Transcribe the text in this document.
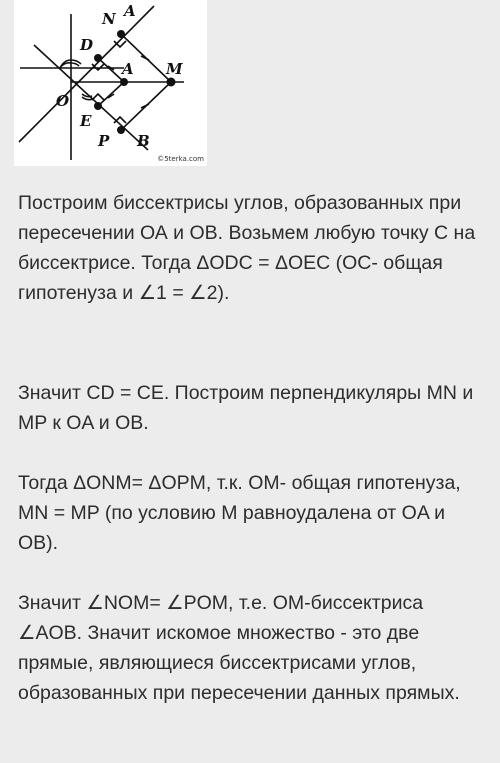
N A
D
A M
O
E
P B
©5terka.com

Построим биссектрисы углов, образованных при пересечении ОА и ОВ. Возьмем любую точку С на биссектрисе. Тогда ΔODC = ΔOEC (OC- общая гипотенуза и ∠1 = ∠2).

Значит CD = CE. Построим перпендикуляры MN и MP к OA и OB.

Тогда ΔONM= ΔOPM, т.к. OM- общая гипотенуза, MN = MP (по условию M равноудалена от OA и OB).

Значит ∠NOM= ∠POM, т.е. OM-биссектриса ∠AOB. Значит искомое множество - это две прямые, являющиеся биссектрисами углов, образованных при пересечении данных прямых.
